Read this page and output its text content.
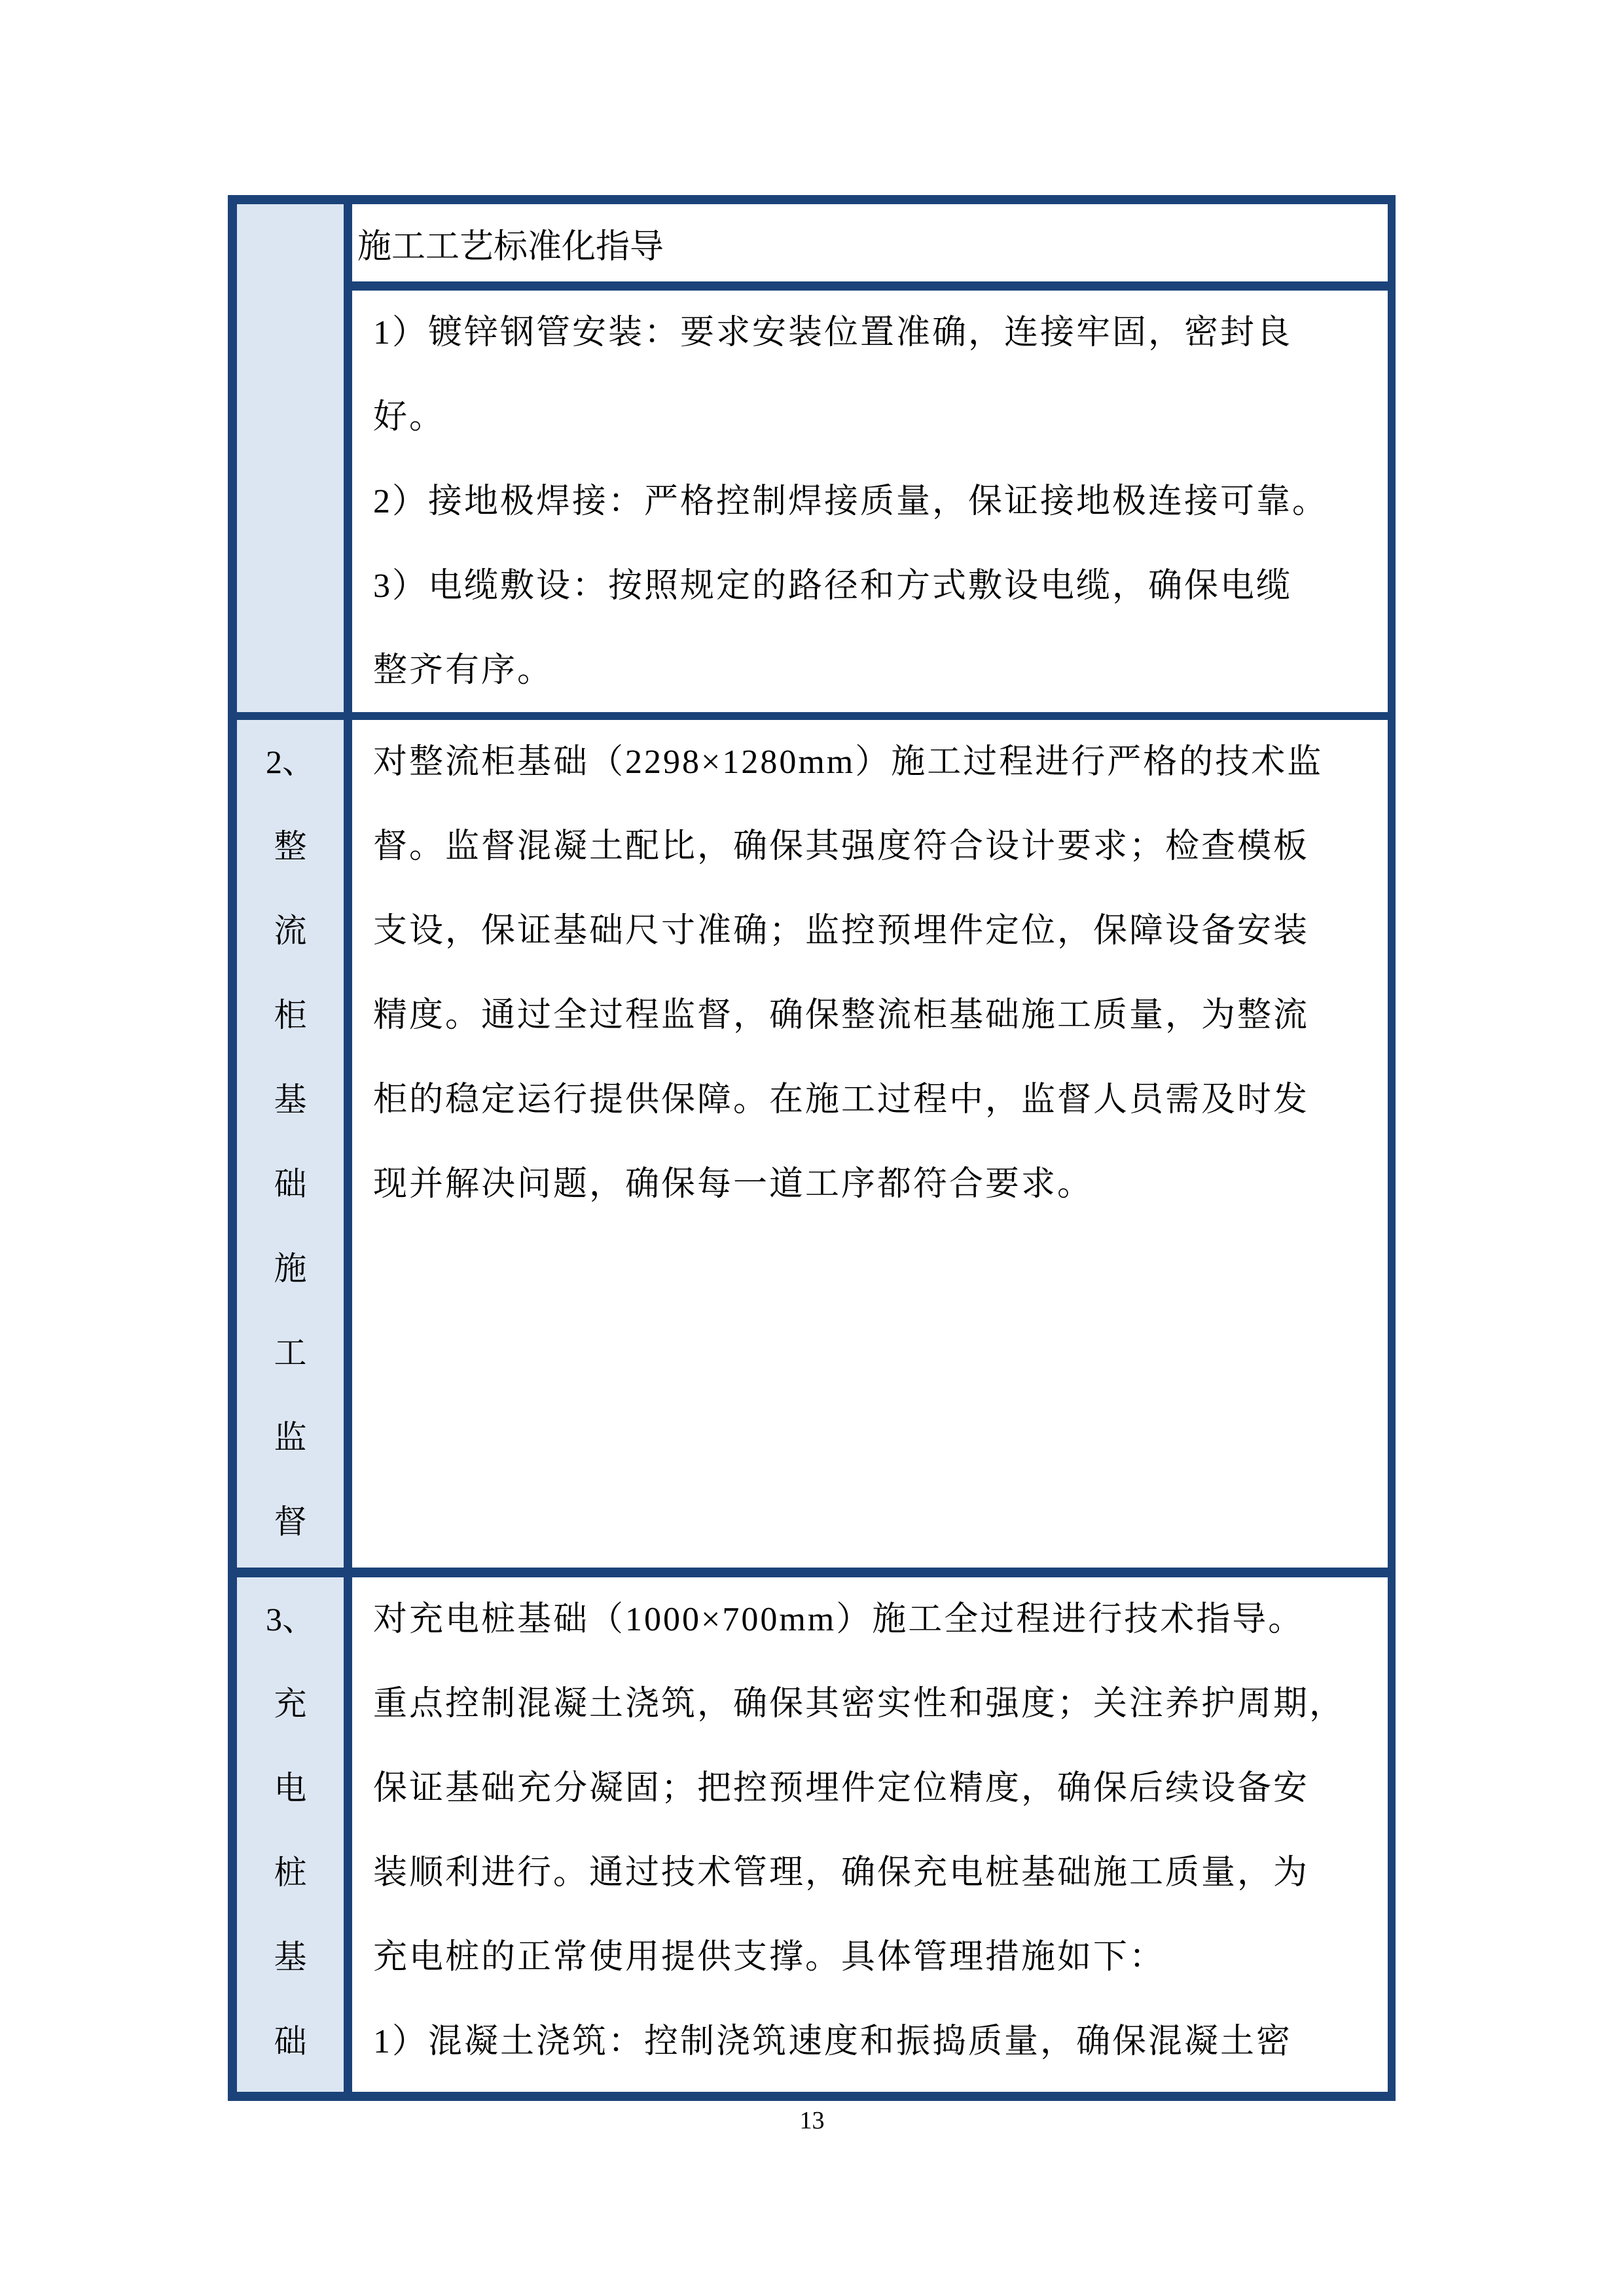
施工工艺标准化指导
1）镀锌钢管安装：要求安装位置准确，连接牢固，密封良
好。
2）接地极焊接：严格控制焊接质量，保证接地极连接可靠。
3）电缆敷设：按照规定的路径和方式敷设电缆，确保电缆
整齐有序。
2、
整
流
柜
基
础
施
工
监
督
对整流柜基础（2298×1280mm）施工过程进行严格的技术监
督。监督混凝土配比，确保其强度符合设计要求；检查模板
支设，保证基础尺寸准确；监控预埋件定位，保障设备安装
精度。通过全过程监督，确保整流柜基础施工质量，为整流
柜的稳定运行提供保障。在施工过程中，监督人员需及时发
现并解决问题，确保每一道工序都符合要求。
3、
充
电
桩
基
础
对充电桩基础（1000×700mm）施工全过程进行技术指导。
重点控制混凝土浇筑，确保其密实性和强度；关注养护周期，
保证基础充分凝固；把控预埋件定位精度，确保后续设备安
装顺利进行。通过技术管理，确保充电桩基础施工质量，为
充电桩的正常使用提供支撑。具体管理措施如下：
1）混凝土浇筑：控制浇筑速度和振捣质量，确保混凝土密
13
